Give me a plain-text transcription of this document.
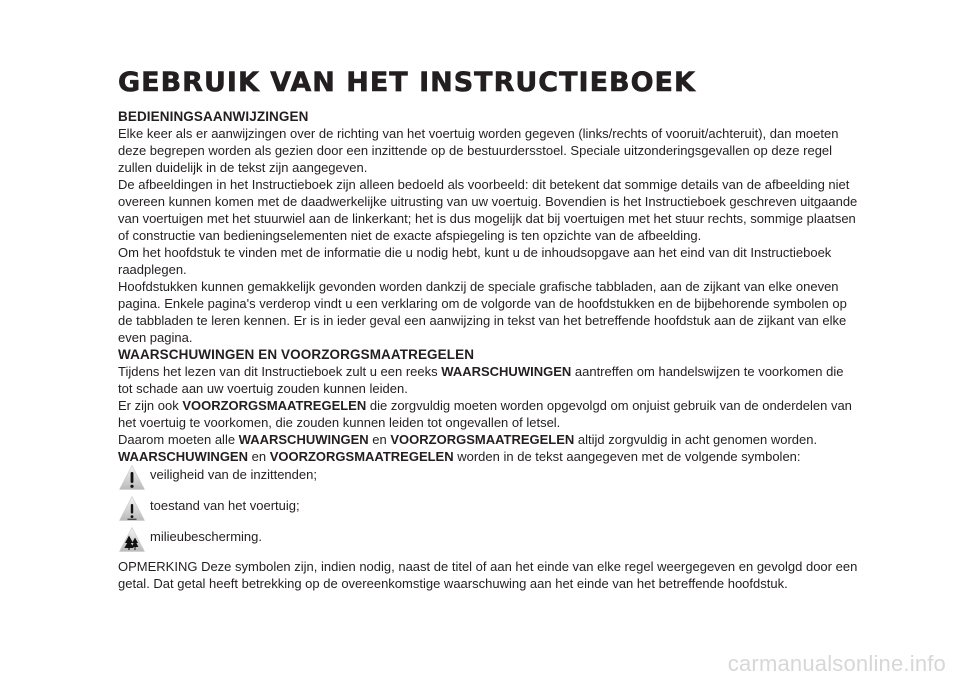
GEBRUIK VAN HET INSTRUCTIEBOEK
BEDIENINGSAANWIJZINGEN

Elke keer als er aanwijzingen over de richting van het voertuig worden gegeven (links/rechts of vooruit/achteruit), dan moeten deze begrepen worden als gezien door een inzittende op de bestuurdersstoel. Speciale uitzonderingsgevallen op deze regel zullen duidelijk in de tekst zijn aangegeven.

De afbeeldingen in het Instructieboek zijn alleen bedoeld als voorbeeld: dit betekent dat sommige details van de afbeelding niet overeen kunnen komen met de daadwerkelijke uitrusting van uw voertuig. Bovendien is het Instructieboek geschreven uitgaande van voertuigen met het stuurwiel aan de linkerkant; het is dus mogelijk dat bij voertuigen met het stuur rechts, sommige plaatsen of constructie van bedieningselementen niet de exacte afspiegeling is ten opzichte van de afbeelding.

Om het hoofdstuk te vinden met de informatie die u nodig hebt, kunt u de inhoudsopgave aan het eind van dit Instructieboek raadplegen.

Hoofdstukken kunnen gemakkelijk gevonden worden dankzij de speciale grafische tabbladen, aan de zijkant van elke oneven pagina. Enkele pagina's verderop vindt u een verklaring om de volgorde van de hoofdstukken en de bijbehorende symbolen op de tabbladen te leren kennen. Er is in ieder geval een aanwijzing in tekst van het betreffende hoofdstuk aan de zijkant van elke even pagina.

WAARSCHUWINGEN EN VOORZORGSMAATREGELEN

Tijdens het lezen van dit Instructieboek zult u een reeks WAARSCHUWINGEN aantreffen om handelswijzen te voorkomen die tot schade aan uw voertuig zouden kunnen leiden.

Er zijn ook VOORZORGSMAATREGELEN die zorgvuldig moeten worden opgevolgd om onjuist gebruik van de onderdelen van het voertuig te voorkomen, die zouden kunnen leiden tot ongevallen of letsel.

Daarom moeten alle WAARSCHUWINGEN en VOORZORGSMAATREGELEN altijd zorgvuldig in acht genomen worden.

WAARSCHUWINGEN en VOORZORGSMAATREGELEN worden in de tekst aangegeven met de volgende symbolen:

veiligheid van de inzittenden;
toestand van het voertuig;
milieubescherming.

OPMERKING Deze symbolen zijn, indien nodig, naast de titel of aan het einde van elke regel weergegeven en gevolgd door een getal. Dat getal heeft betrekking op de overeenkomstige waarschuwing aan het einde van het betreffende hoofdstuk.

carmanualsonline.info
